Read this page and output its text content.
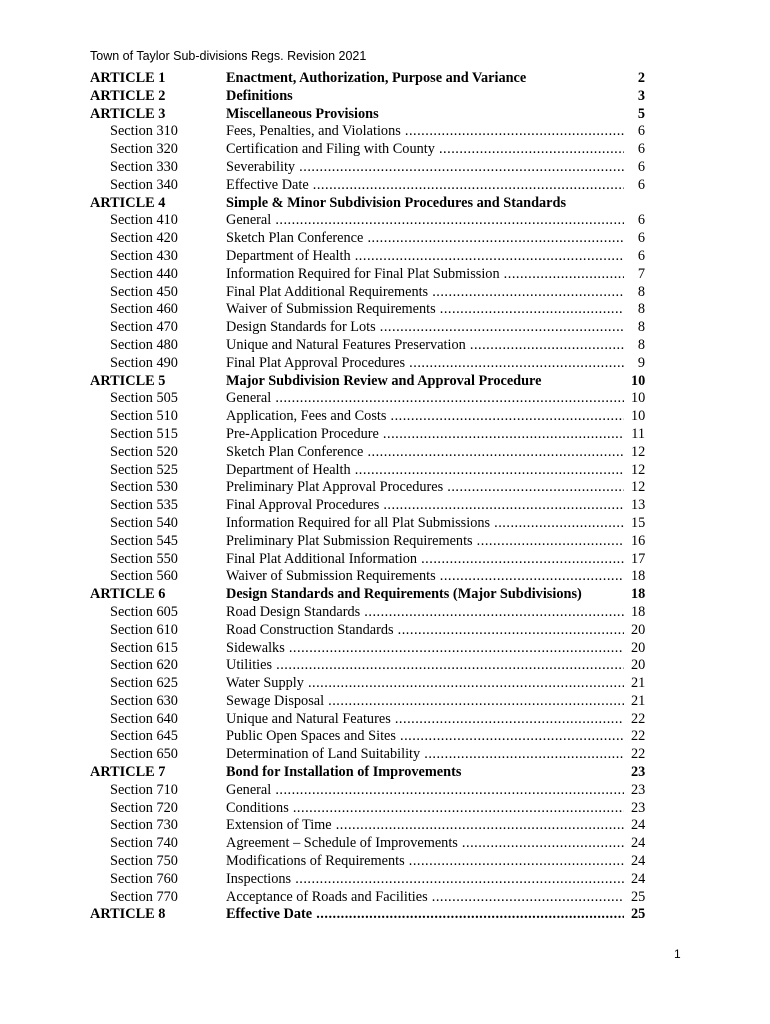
Town of Taylor Sub-divisions Regs. Revision 2021
ARTICLE 1	Enactment, Authorization, Purpose and Variance	2
ARTICLE 2	Definitions	3
ARTICLE 3	Miscellaneous Provisions	5
Section 310	Fees, Penalties, and Violations .....	6
Section 320	Certification and Filing with County .....	6
Section 330	Severability .....	6
Section 340	Effective Date .....	6
ARTICLE 4	Simple & Minor Subdivision Procedures and Standards
Section 410	General .....	6
Section 420	Sketch Plan Conference .....	6
Section 430	Department of Health .....	6
Section 440	Information Required for Final Plat Submission .....	7
Section 450	Final Plat Additional Requirements .....	8
Section 460	Waiver of Submission Requirements .....	8
Section 470	Design Standards for Lots .....	8
Section 480	Unique and Natural Features Preservation .....	8
Section 490	Final Plat Approval Procedures .....	9
ARTICLE 5	Major Subdivision Review and Approval Procedure	10
Section 505	General .....	10
Section 510	Application, Fees and Costs .....	10
Section 515	Pre-Application Procedure .....	11
Section 520	Sketch Plan Conference .....	12
Section 525	Department of Health .....	12
Section 530	Preliminary Plat Approval Procedures .....	12
Section 535	Final Approval Procedures .....	13
Section 540	Information Required for all Plat Submissions .....	15
Section 545	Preliminary Plat Submission Requirements .....	16
Section 550	Final Plat Additional Information .....	17
Section 560	Waiver of Submission Requirements .....	18
ARTICLE 6	Design Standards and Requirements (Major Subdivisions)	18
Section 605	Road Design Standards .....	18
Section 610	Road Construction Standards .....	20
Section 615	Sidewalks .....	20
Section 620	Utilities .....	20
Section 625	Water Supply .....	21
Section 630	Sewage Disposal .....	21
Section 640	Unique and Natural Features .....	22
Section 645	Public Open Spaces and Sites .....	22
Section 650	Determination of Land Suitability .....	22
ARTICLE 7	Bond for Installation of Improvements	23
Section 710	General .....	23
Section 720	Conditions .....	23
Section 730	Extension of Time .....	24
Section 740	Agreement – Schedule of Improvements .....	24
Section 750	Modifications of Requirements .....	24
Section 760	Inspections .....	24
Section 770	Acceptance of Roads and Facilities .....	25
ARTICLE 8	Effective Date .....	25
1
